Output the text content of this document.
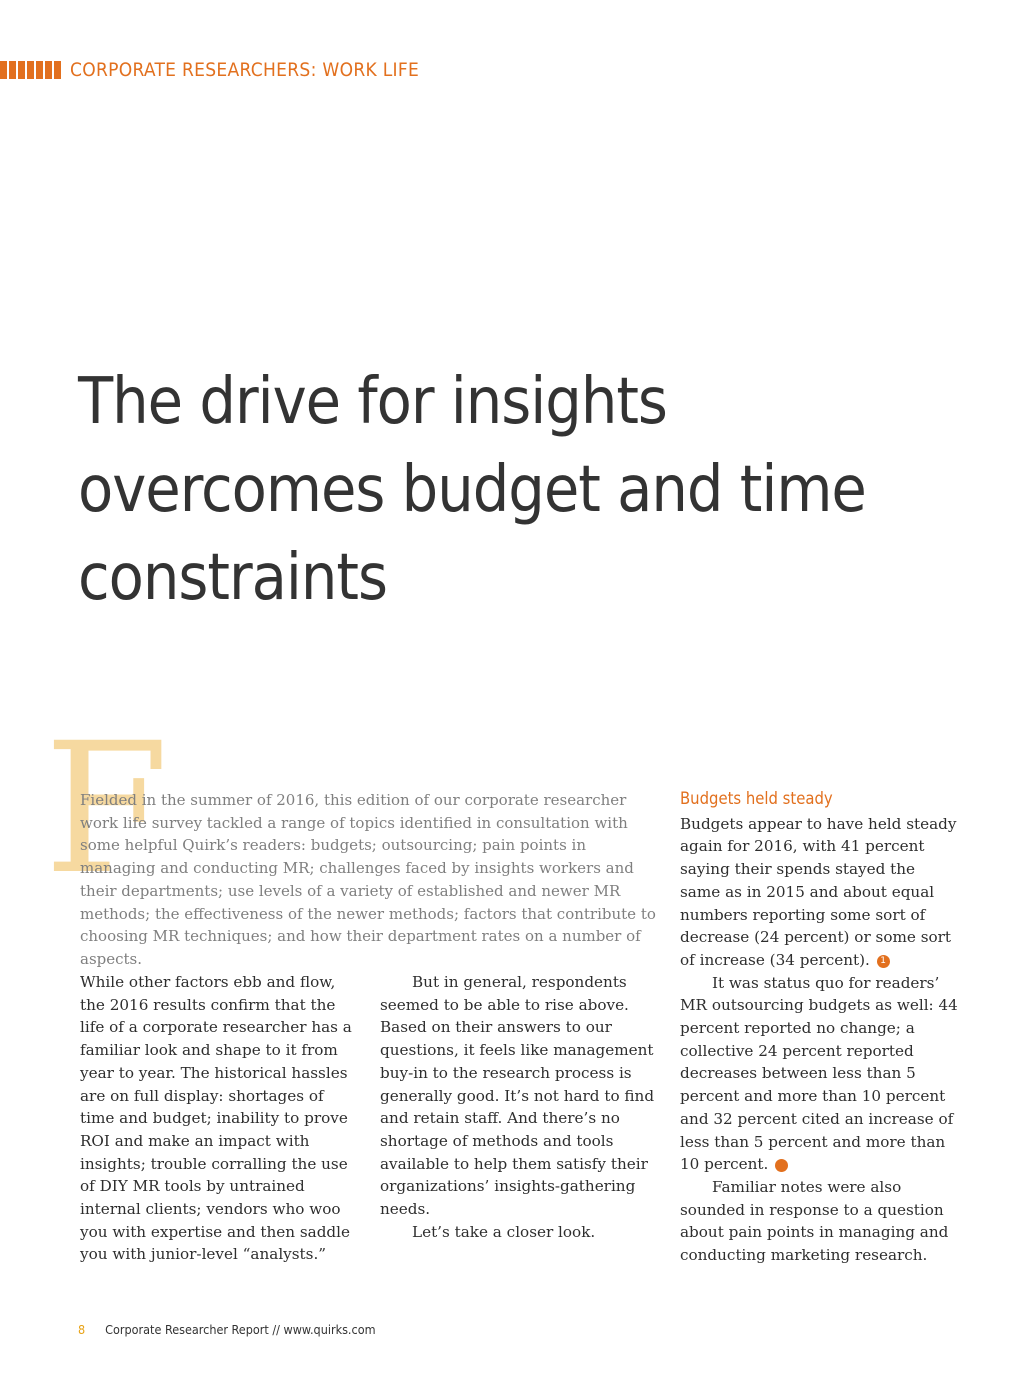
CORPORATE RESEARCHERS: WORK LIFE
The drive for insights overcomes budget and time constraints
F

Fielded in the summer of 2016, this edition of our corporate researcher work life survey tackled a range of topics identified in consultation with some helpful Quirk’s readers: budgets; outsourcing; pain points in managing and conducting MR; challenges faced by insights workers and their departments; use levels of a variety of established and newer MR methods; the effectiveness of the newer methods; factors that contribute to choosing MR techniques; and how their department rates on a number of aspects.

While other factors ebb and flow, the 2016 results confirm that the life of a corporate researcher has a familiar look and shape to it from year to year. The historical hassles are on full display: shortages of time and budget; inability to prove ROI and make an impact with insights; trouble corralling the use of DIY MR tools by untrained internal clients; vendors who woo you with expertise and then saddle you with junior-level “analysts.”

But in general, respondents seemed to be able to rise above. Based on their answers to our questions, it feels like management buy-in to the research process is generally good. It’s not hard to find and retain staff. And there’s no shortage of methods and tools available to help them satisfy their organizations’ insights-gathering needs.

Let’s take a closer look.

Budgets held steady

Budgets appear to have held steady again for 2016, with 41 percent saying their spends stayed the same as in 2015 and about equal numbers reporting some sort of decrease (24 percent) or some sort of increase (34 percent). 1

It was status quo for readers’ MR outsourcing budgets as well: 44 percent reported no change; a collective 24 percent reported decreases between less than 5 percent and more than 10 percent and 32 percent cited an increase of less than 5 percent and more than 10 percent.	2

Familiar notes were also sounded in response to a question about pain points in managing and conducting marketing research.

8 Corporate Researcher Report // www.quirks.com
